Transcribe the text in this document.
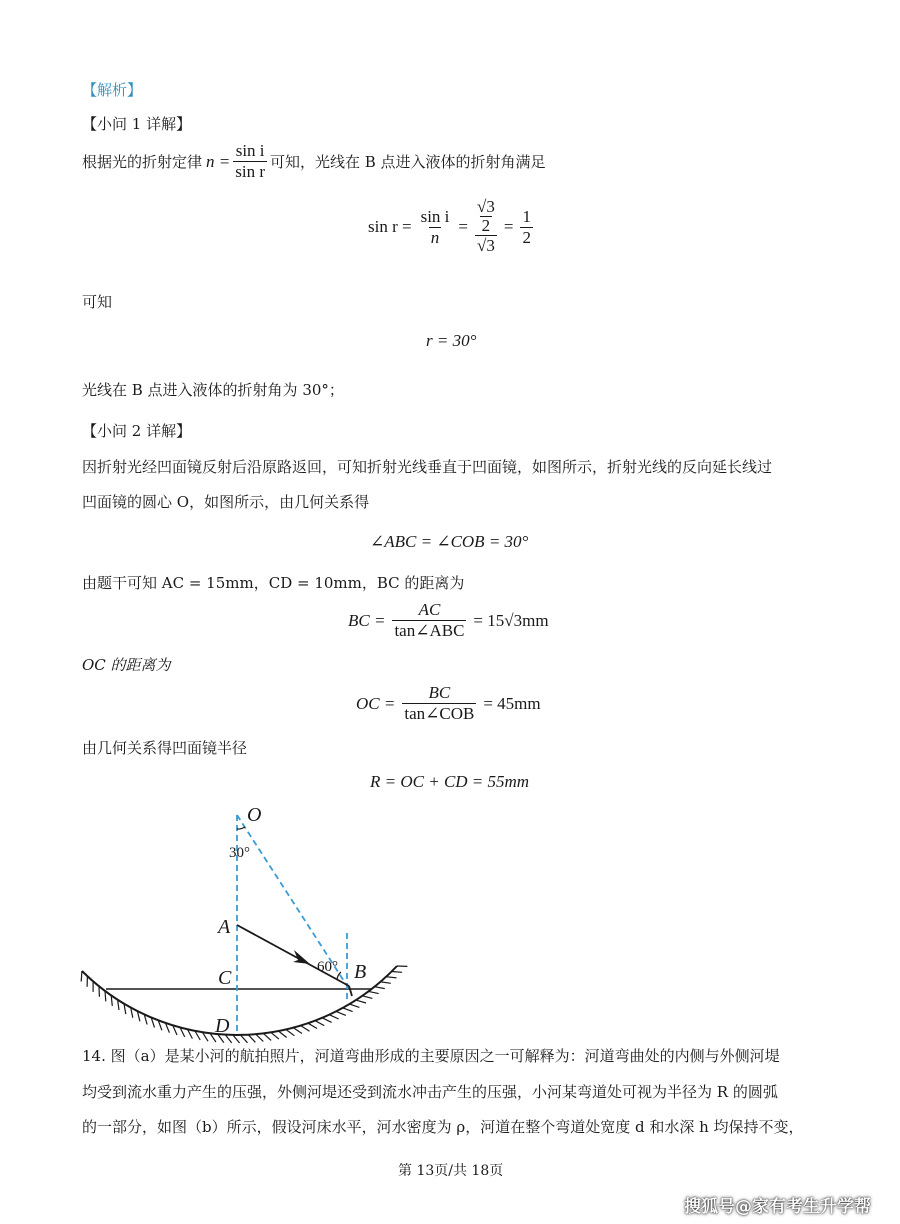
【解析】
【小问 1 详解】
根据光的折射定律 $n = \frac{\text{sin i}}{\text{sin r}}$ 可知，光线在 B 点进入液体的折射角满足
$\sin r = \frac{\text{sin i}}{n} = \frac{\frac{√3}{2}}{√3} = \frac{1}{2}$
可知
r = 30°
光线在 B 点进入液体的折射角为 30°；
【小问 2 详解】
因折射光经凹面镜反射后沿原路返回，可知折射光线垂直于凹面镜，如图所示，折射光线的反向延长线过
凹面镜的圆心 O，如图所示，由几何关系得
∠ABC = ∠COB = 30°
由题干可知 AC = 15mm，CD = 10mm，BC 的距离为
BC = $\frac{AC}{\text{tan∠ABC}} = 15√3mm$
OC 的距离为
OC = $\frac{BC}{\text{tan∠COB}} = 45mm$
由几何关系得凹面镜半径
R = OC + CD = 55mm
O
30°
A
60° B
C
D
14. 图（a）是某小河的航拍照片，河道弯曲形成的主要原因之一可解释为：河道弯曲处的内侧与外侧河堤
均受到流水重力产生的压强，外侧河堤还受到流水冲击产生的压强，小河某弯道处可视为半径为 R 的圆弧
的一部分，如图（b）所示，假设河床水平，河水密度为 ρ，河道在整个弯道处宽度 d 和水深 h 均保持不变，
第 13页/共 18页
搜狐号@家有考生升学帮
